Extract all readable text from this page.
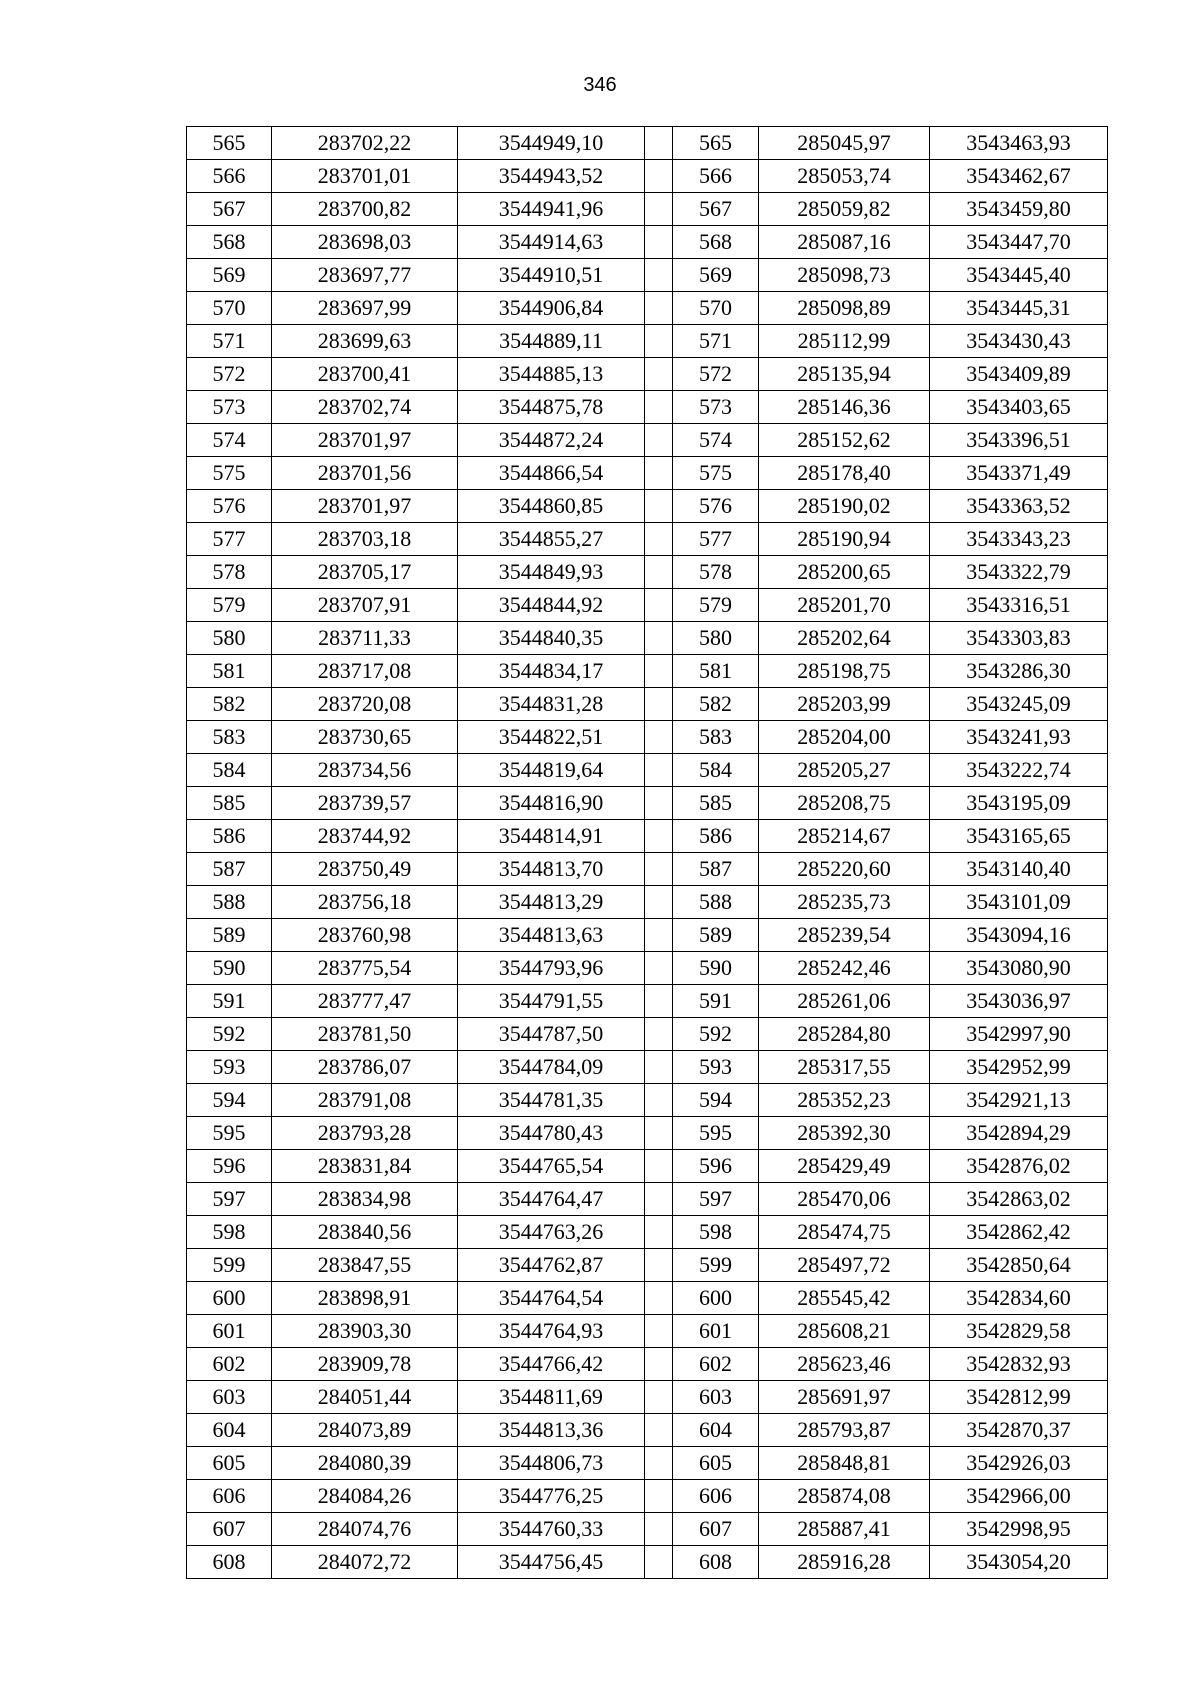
346
565	283702,22	3544949,10		565	285045,97	3543463,93
566	283701,01	3544943,52		566	285053,74	3543462,67
567	283700,82	3544941,96		567	285059,82	3543459,80
568	283698,03	3544914,63		568	285087,16	3543447,70
569	283697,77	3544910,51		569	285098,73	3543445,40
570	283697,99	3544906,84		570	285098,89	3543445,31
571	283699,63	3544889,11		571	285112,99	3543430,43
572	283700,41	3544885,13		572	285135,94	3543409,89
573	283702,74	3544875,78		573	285146,36	3543403,65
574	283701,97	3544872,24		574	285152,62	3543396,51
575	283701,56	3544866,54		575	285178,40	3543371,49
576	283701,97	3544860,85		576	285190,02	3543363,52
577	283703,18	3544855,27		577	285190,94	3543343,23
578	283705,17	3544849,93		578	285200,65	3543322,79
579	283707,91	3544844,92		579	285201,70	3543316,51
580	283711,33	3544840,35		580	285202,64	3543303,83
581	283717,08	3544834,17		581	285198,75	3543286,30
582	283720,08	3544831,28		582	285203,99	3543245,09
583	283730,65	3544822,51		583	285204,00	3543241,93
584	283734,56	3544819,64		584	285205,27	3543222,74
585	283739,57	3544816,90		585	285208,75	3543195,09
586	283744,92	3544814,91		586	285214,67	3543165,65
587	283750,49	3544813,70		587	285220,60	3543140,40
588	283756,18	3544813,29		588	285235,73	3543101,09
589	283760,98	3544813,63		589	285239,54	3543094,16
590	283775,54	3544793,96		590	285242,46	3543080,90
591	283777,47	3544791,55		591	285261,06	3543036,97
592	283781,50	3544787,50		592	285284,80	3542997,90
593	283786,07	3544784,09		593	285317,55	3542952,99
594	283791,08	3544781,35		594	285352,23	3542921,13
595	283793,28	3544780,43		595	285392,30	3542894,29
596	283831,84	3544765,54		596	285429,49	3542876,02
597	283834,98	3544764,47		597	285470,06	3542863,02
598	283840,56	3544763,26		598	285474,75	3542862,42
599	283847,55	3544762,87		599	285497,72	3542850,64
600	283898,91	3544764,54		600	285545,42	3542834,60
601	283903,30	3544764,93		601	285608,21	3542829,58
602	283909,78	3544766,42		602	285623,46	3542832,93
603	284051,44	3544811,69		603	285691,97	3542812,99
604	284073,89	3544813,36		604	285793,87	3542870,37
605	284080,39	3544806,73		605	285848,81	3542926,03
606	284084,26	3544776,25		606	285874,08	3542966,00
607	284074,76	3544760,33		607	285887,41	3542998,95
608	284072,72	3544756,45		608	285916,28	3543054,20
